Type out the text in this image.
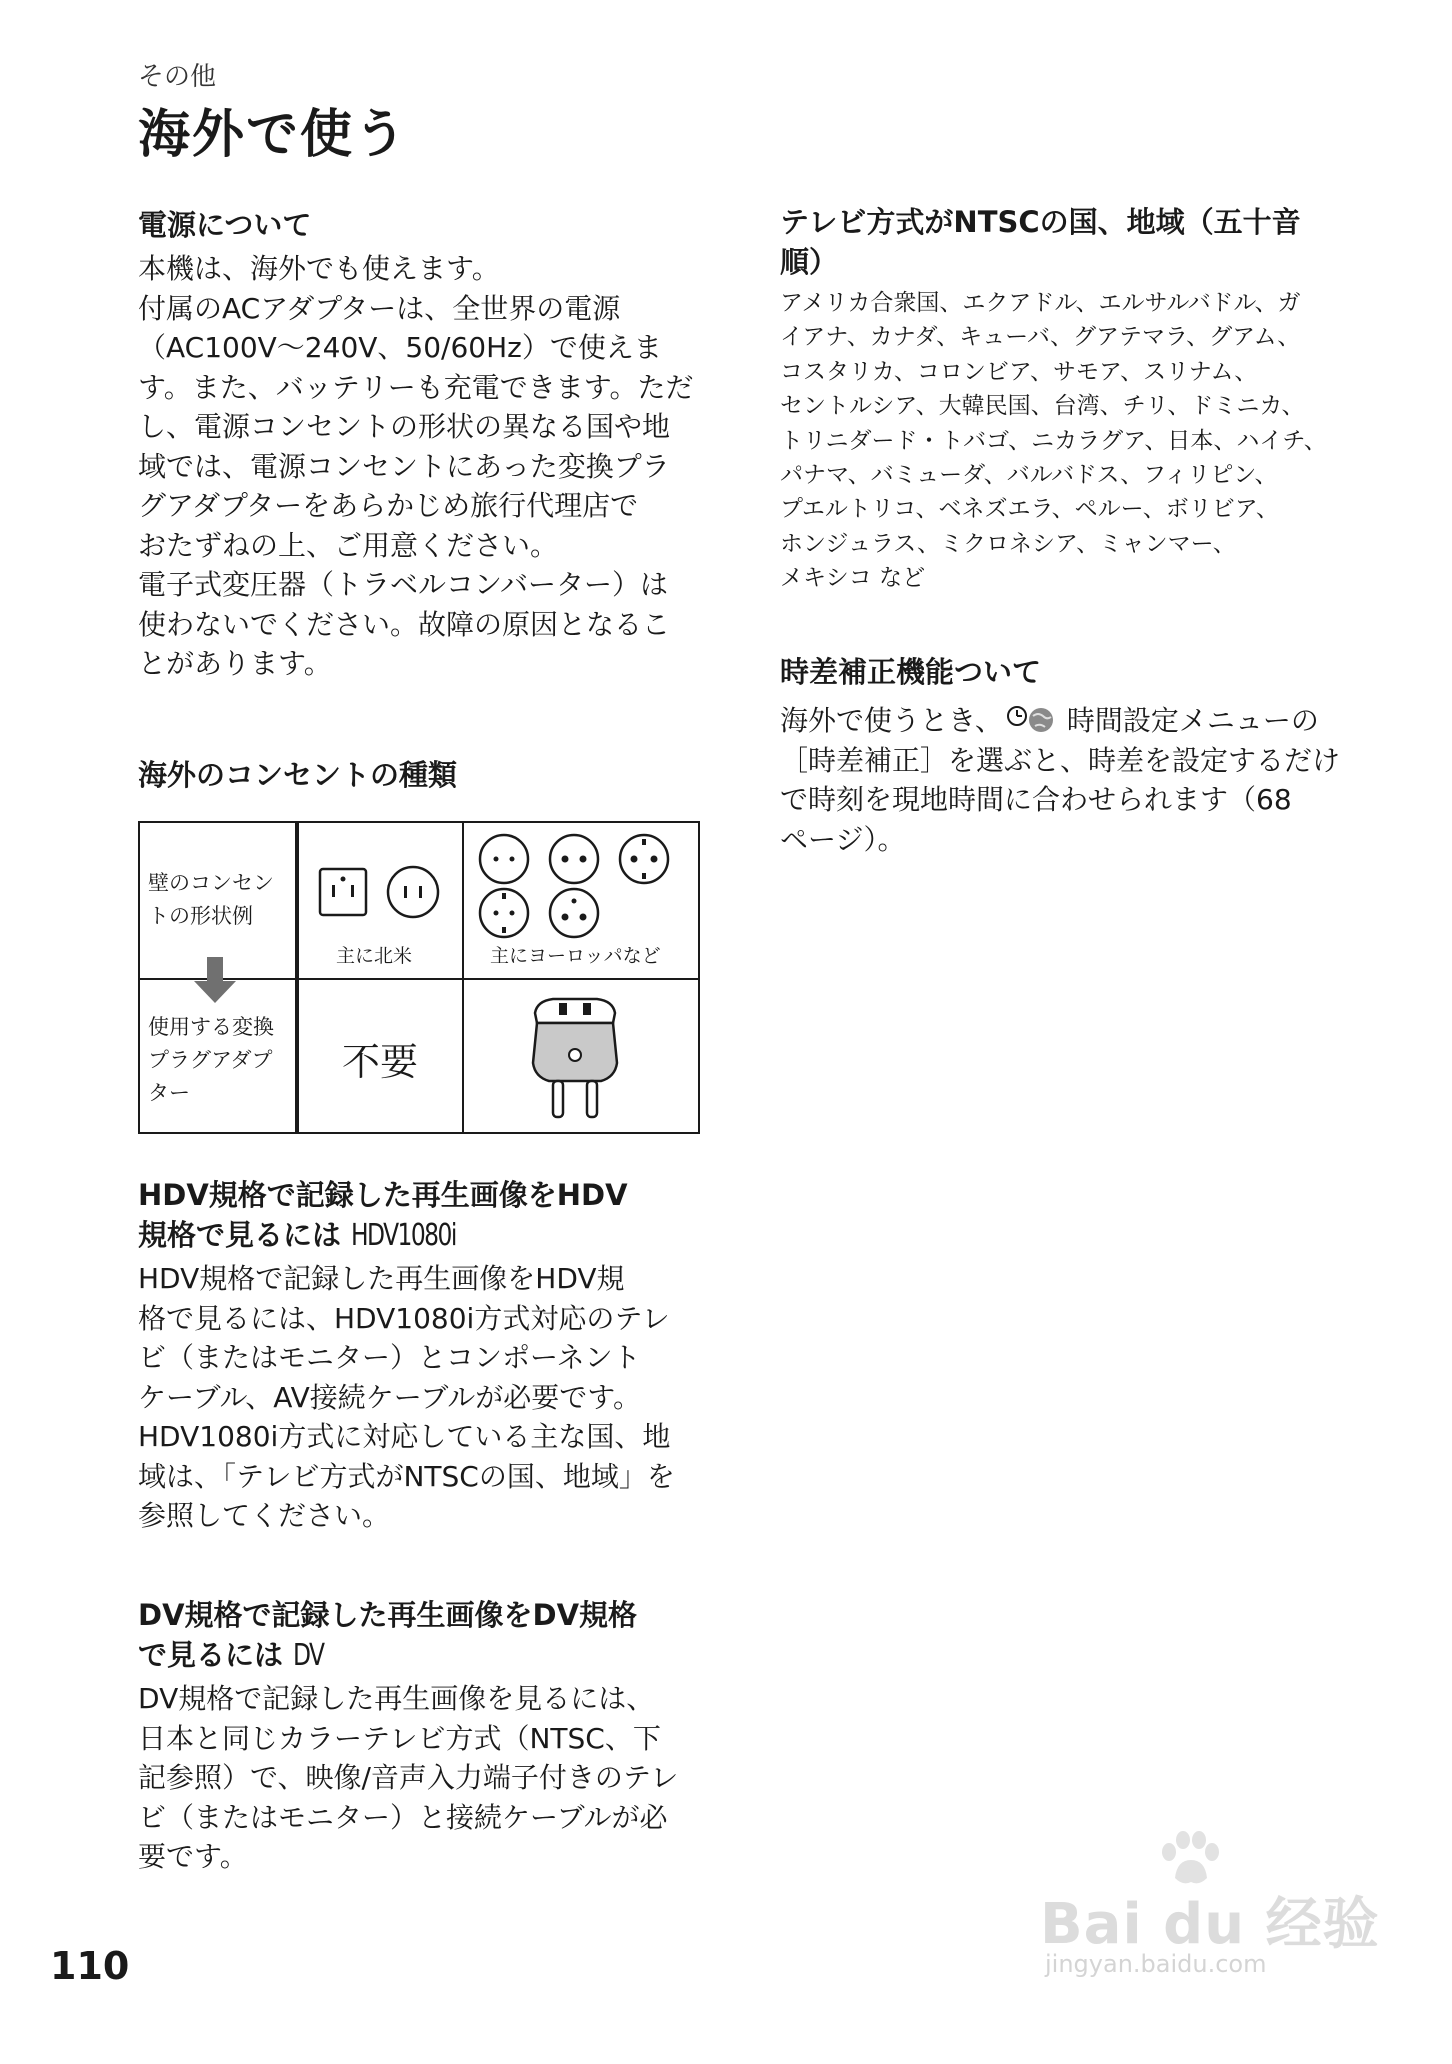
その他
海外で使う
電源について
本機は、海外でも使えます。
付属のACアダプターは、全世界の電源
（AC100V〜240V、50/60Hz）で使えま
す。また、バッテリーも充電できます。ただ
し、電源コンセントの形状の異なる国や地
域では、電源コンセントにあった変換プラ
グアダプターをあらかじめ旅行代理店で
おたずねの上、ご用意ください。
電子式変圧器（トラベルコンバーター）は
使わないでください。故障の原因となるこ
とがあります。
海外のコンセントの種類
壁のコンセン
トの形状例
使用する変換
プラグアダプ
ター
主に北米	主にヨーロッパなど
不要
HDV規格で記録した再生画像をHDV
規格で見るには HDV1080i
HDV規格で記録した再生画像をHDV規
格で見るには、HDV1080i方式対応のテレ
ビ（またはモニター）とコンポーネント
ケーブル、AV接続ケーブルが必要です。
HDV1080i方式に対応している主な国、地
域は、「テレビ方式がNTSCの国、地域」を
参照してください。
DV規格で記録した再生画像をDV規格
で見るには DV
DV規格で記録した再生画像を見るには、
日本と同じカラーテレビ方式（NTSC、下
記参照）で、映像/音声入力端子付きのテレ
ビ（またはモニター）と接続ケーブルが必
要です。
テレビ方式がNTSCの国、地域（五十音
順）
アメリカ合衆国、エクアドル、エルサルバドル、ガ
イアナ、カナダ、キューバ、グアテマラ、グアム、
コスタリカ、コロンビア、サモア、スリナム、
セントルシア、大韓民国、台湾、チリ、ドミニカ、
トリニダード・トバゴ、ニカラグア、日本、ハイチ、
パナマ、バミューダ、バルバドス、フィリピン、
プエルトリコ、ベネズエラ、ペルー、ボリビア、
ホンジュラス、ミクロネシア、ミャンマー、
メキシコ など
時差補正機能ついて
海外で使うとき、 時間設定メニューの
［時差補正］を選ぶと、時差を設定するだけ
で時刻を現地時間に合わせられます（68
ページ）。
110
Bai du 经验
jingyan.baidu.com
